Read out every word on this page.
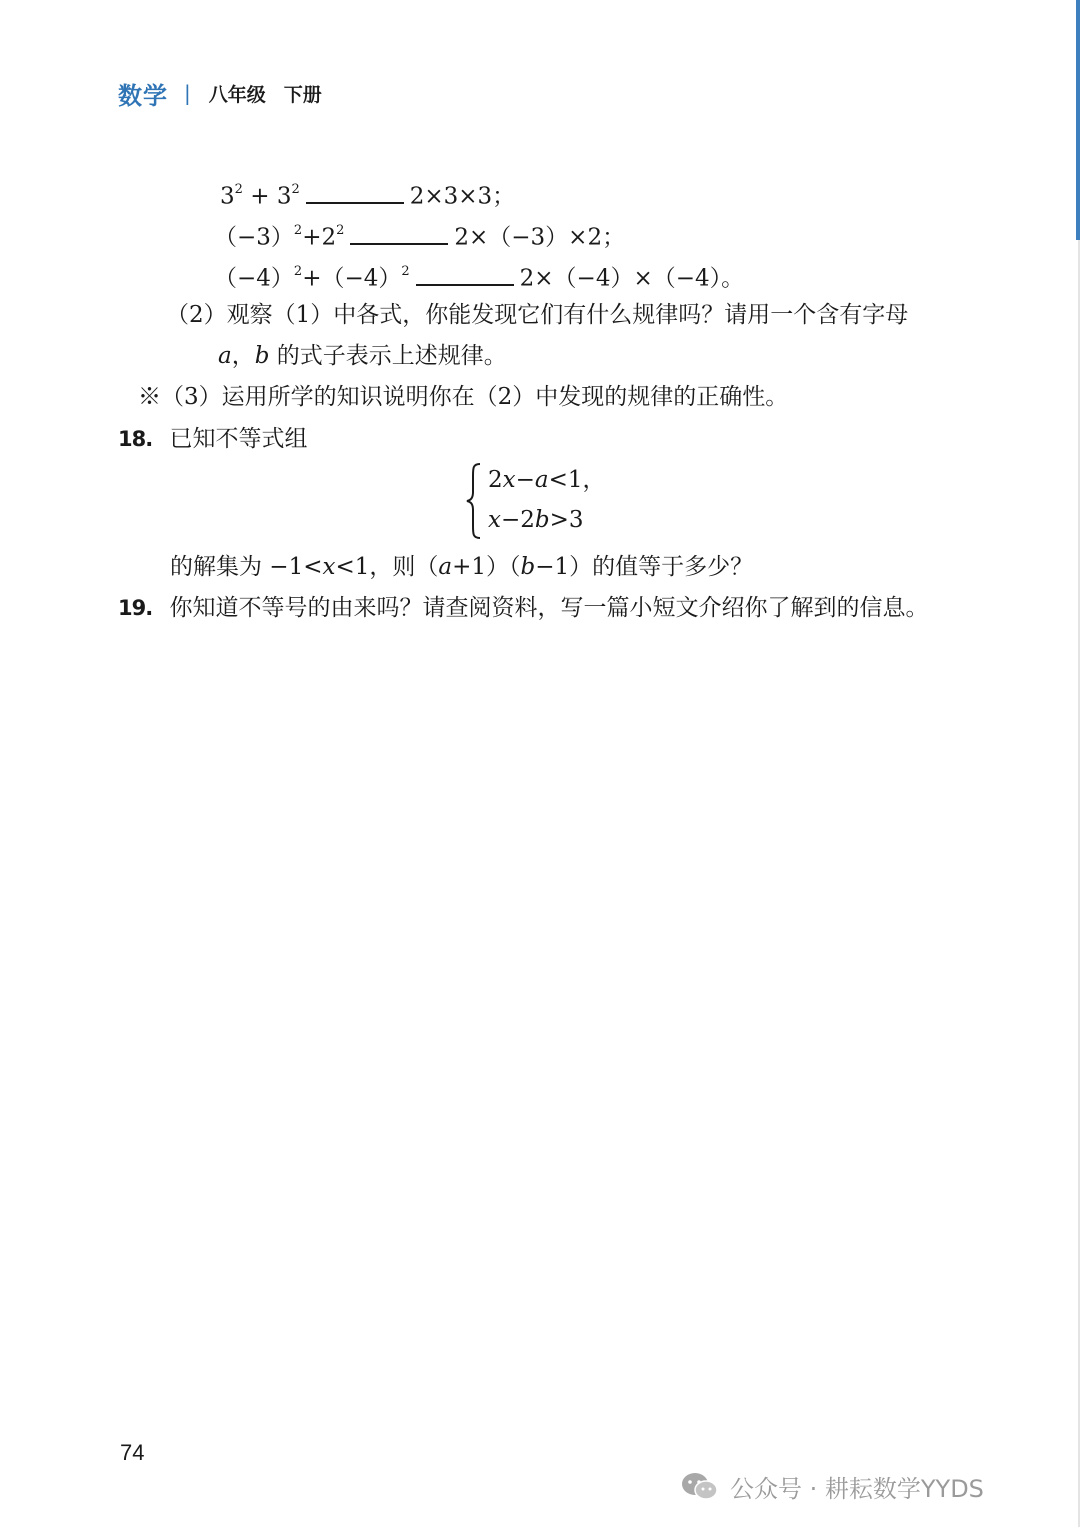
数学 | 八年级 下册
$3^2 + 3^2$	2×3×3；
$(-3)^2+2^2$	2×（−3）×2；
$(-4)^2+(-4)^2$	2×（−4）×（−4）。
（2）观察（1）中各式，你能发现它们有什么规律吗？请用一个含有字母
a，b 的式子表示上述规律。
※（3）运用所学的知识说明你在（2）中发现的规律的正确性。
18. 已知不等式组
2x−a<1，
x−2b>3
的解集为 −1<x<1，则（a+1）（b−1）的值等于多少？
19. 你知道不等号的由来吗？请查阅资料，写一篇小短文介绍你了解到的信息。
74
公众号 · 耕耘数学YYDS
